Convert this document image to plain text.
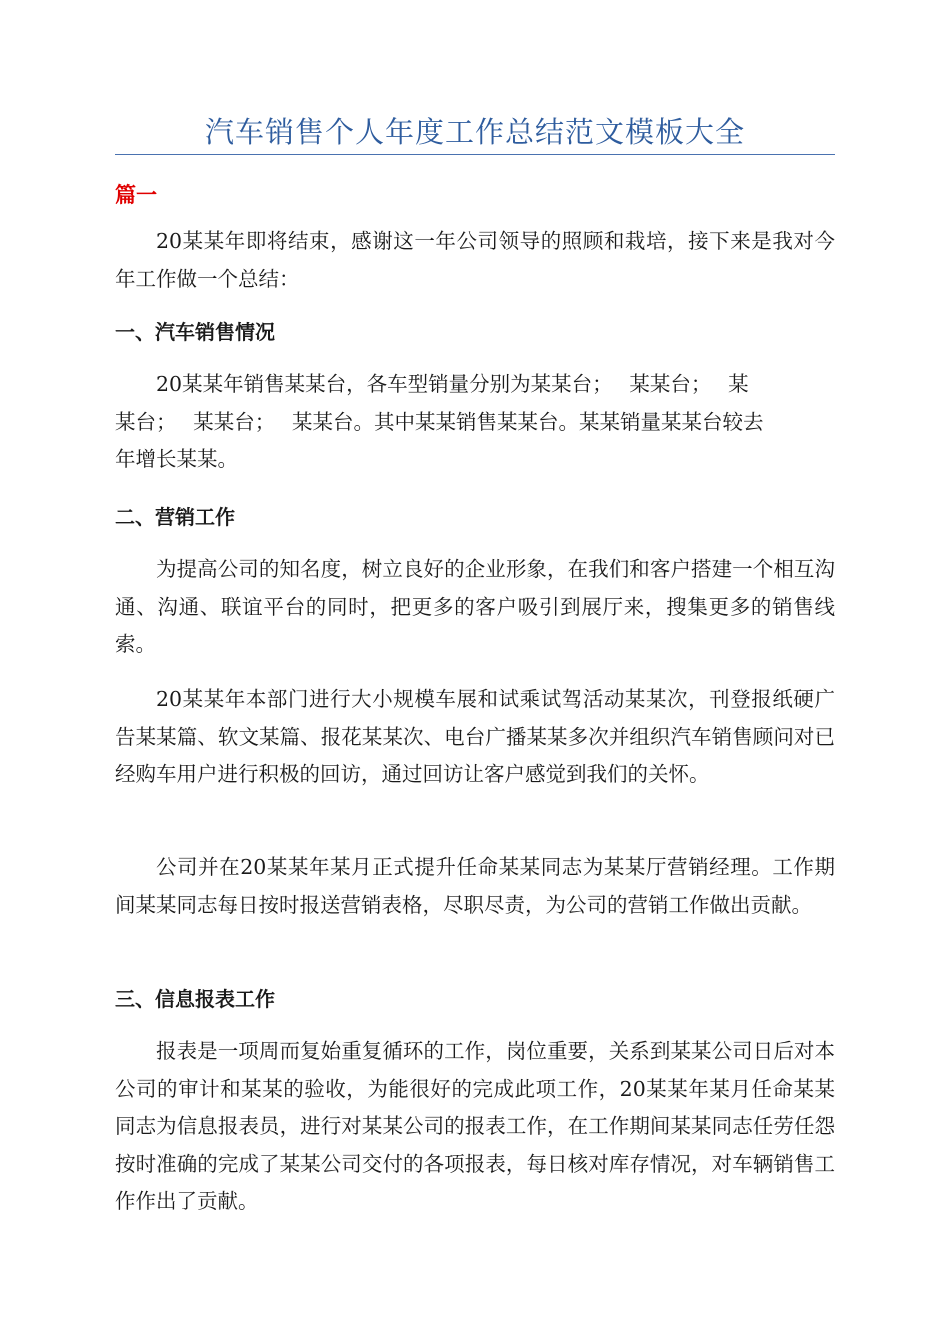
汽车销售个人年度工作总结范文模板大全
篇一

20某某年即将结束，感谢这一年公司领导的照顾和栽培，接下来是我对今年工作做一个总结：

一、汽车销售情况
20某某年销售某某台，各车型销量分别为某某台；　 某某台；　 某
某台；　 某某台；　 某某台。其中某某销售某某台。某某销量某某台较去
年增长某某。
二、营销工作

为提高公司的知名度，树立良好的企业形象，在我们和客户搭建一个相互沟通、沟通、联谊平台的同时，把更多的客户吸引到展厅来，搜集更多的销售线索。

20某某年本部门进行大小规模车展和试乘试驾活动某某次，刊登报纸硬广告某某篇、软文某篇、报花某某次、电台广播某某多次并组织汽车销售顾问对已经购车用户进行积极的回访，通过回访让客户感觉到我们的关怀。

公司并在20某某年某月正式提升任命某某同志为某某厅营销经理。工作期间某某同志每日按时报送营销表格，尽职尽责，为公司的营销工作做出贡献。

三、信息报表工作

报表是一项周而复始重复循环的工作，岗位重要，关系到某某公司日后对本公司的审计和某某的验收，为能很好的完成此项工作，20某某年某月任命某某同志为信息报表员，进行对某某公司的报表工作，在工作期间某某同志任劳任怨按时准确的完成了某某公司交付的各项报表，每日核对库存情况，对车辆销售工作作出了贡献。
